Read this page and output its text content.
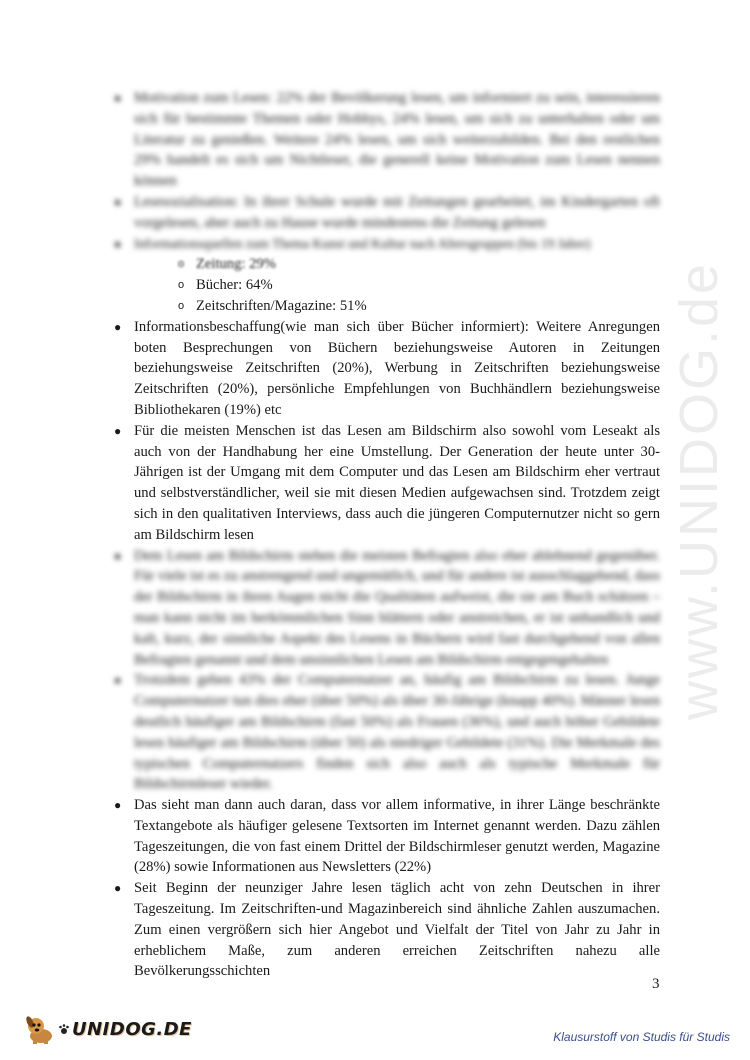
www.UNIDOG.de
● Motivation zum Lesen: 22% der Bevölkerung lesen, um informiert zu sein, interessieren sich für bestimmte Themen oder Hobbys, 24% lesen, um sich zu unterhalten oder um Literatur zu genießen. Weitere 24% lesen, um sich weiterzubilden. Bei den restlichen 29% handelt es sich um Nichtleser, die generell keine Motivation zum Lesen nennen können
● Lesesozialisation: In ihrer Schule wurde mit Zeitungen gearbeitet, im Kindergarten oft vorgelesen, aber auch zu Hause wurde mindestens die Zeitung gelesen
● Informationsquellen zum Thema Kunst und Kultur nach Altersgruppen (bis 19 Jahre)
o Zeitung: 29%
o Bücher: 64%
o Zeitschriften/Magazine: 51%
● Informationsbeschaffung(wie man sich über Bücher informiert): Weitere Anregungen boten Besprechungen von Büchern beziehungsweise Autoren in Zeitungen beziehungsweise Zeitschriften (20%), Werbung in Zeitschriften beziehungsweise Zeitschriften (20%), persönliche Empfehlungen von Buchhändlern beziehungsweise Bibliothekaren (19%) etc
● Für die meisten Menschen ist das Lesen am Bildschirm also sowohl vom Leseakt als auch von der Handhabung her eine Umstellung. Der Generation der heute unter 30-Jährigen ist der Umgang mit dem Computer und das Lesen am Bildschirm eher vertraut und selbstverständlicher, weil sie mit diesen Medien aufgewachsen sind. Trotzdem zeigt sich in den qualitativen Interviews, dass auch die jüngeren Computernutzer nicht so gern am Bildschirm lesen
● Dem Lesen am Bildschirm stehen die meisten Befragten also eher ablehnend gegenüber. Für viele ist es zu anstrengend und ungemütlich, und für andere ist ausschlaggebend, dass der Bildschirm in ihren Augen nicht die Qualitäten aufweist, die sie am Buch schätzen – man kann nicht im herkömmlichen Sinn blättern oder anstreichen, er ist unhandlich und kalt, kurz, der sinnliche Aspekt des Lesens in Büchern wird fast durchgehend von allen Befragten genannt und dem unsinnlichen Lesen am Bildschirm entgegengehalten
● Trotzdem geben 43% der Computernutzer an, häufig am Bildschirm zu lesen. Junge Computernutzer tun dies eher (über 50%) als über 30-Jährige (knapp 40%). Männer lesen deutlich häufiger am Bildschirm (fast 50%) als Frauen (36%), und auch höher Gebildete lesen häufiger am Bildschirm (über 50) als niedriger Gebildete (31%). Die Merkmale des typischen Computernutzers finden sich also auch als typische Merkmale für Bildschirmleser wieder.
● Das sieht man dann auch daran, dass vor allem informative, in ihrer Länge beschränkte Textangebote als häufiger gelesene Textsorten im Internet genannt werden. Dazu zählen Tageszeitungen, die von fast einem Drittel der Bildschirmleser genutzt werden, Magazine (28%) sowie Informationen aus Newsletters (22%)
● Seit Beginn der neunziger Jahre lesen täglich acht von zehn Deutschen in ihrer Tageszeitung. Im Zeitschriften-und Magazinbereich sind ähnliche Zahlen auszumachen. Zum einen vergrößern sich hier Angebot und Vielfalt der Titel von Jahr zu Jahr in erheblichem Maße, zum anderen erreichen Zeitschriften nahezu alle Bevölkerungsschichten
3
UNIDOG.DE	Klausurstoff von Studis für Studis
